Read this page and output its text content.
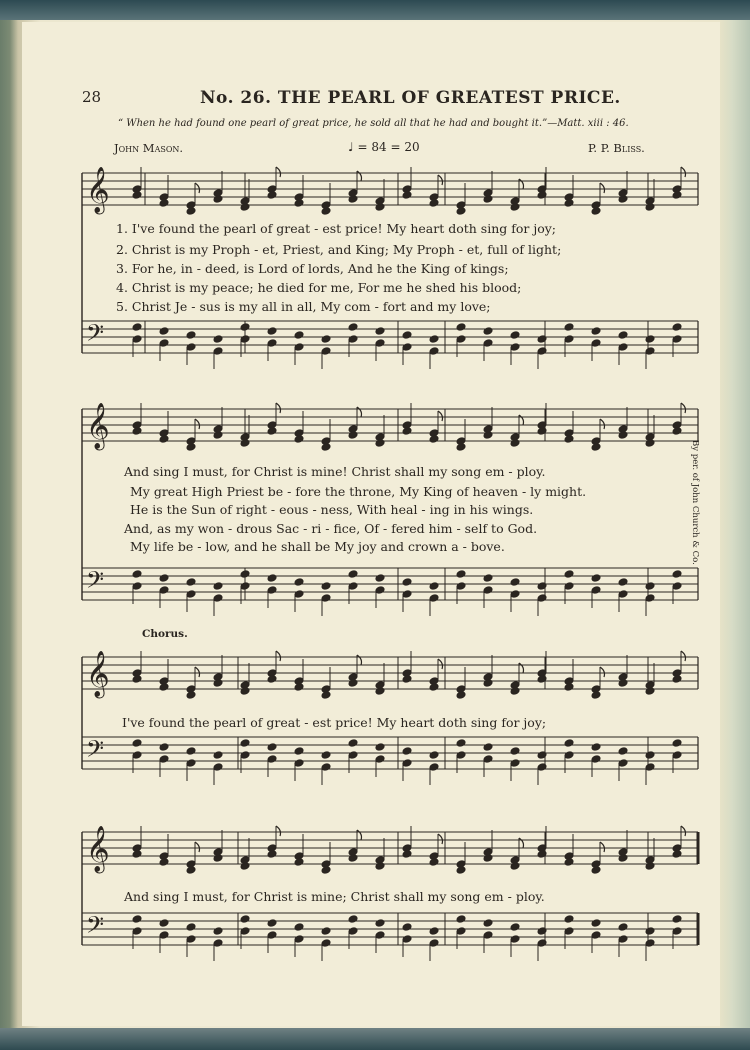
28	No. 26. THE PEARL OF GREATEST PRICE.
“ When he had found one pearl of great price, he sold all that he had and bought it.”—Matt. xiii : 46.
John Mason.	♩ = 84 = 20	P. P. Bliss.
Chorus.
By per. of John Church & Co.
𝄞
𝄢
𝄞
𝄢
𝄞
𝄢
𝄞
𝄢
1. I've found the pearl of great - est price! My heart doth sing for joy;
2. Christ is my Proph - et, Priest, and King; My Proph - et, full of light;
3. For he, in - deed, is Lord of lords, And he the King of kings;
4. Christ is my peace; he died for me, For me he shed his blood;
5. Christ Je - sus is my all in all, My com - fort and my love;
And sing I must, for Christ is mine! Christ shall my song em - ploy.
My great High Priest be - fore the throne, My King of heaven - ly might.
He is the Sun of right - eous - ness, With heal - ing in his wings.
And, as my won - drous Sac - ri - fice, Of - fered him - self to God.
My life be - low, and he shall be My joy and crown a - bove.
I've found the pearl of great - est price! My heart doth sing for joy;
And sing I must, for Christ is mine; Christ shall my song em - ploy.
